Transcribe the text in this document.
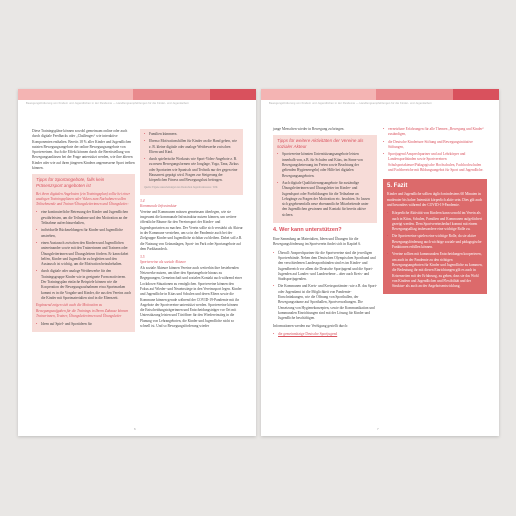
Bewegungsförderung von Kindern und Jugendlichen in der Pandemie — Handlungsempfehlungen für die Kinder- und Jugendarbeit

Diese Trainingspläne können sowohl gemeinsam online oder auch durch digitale Feedbacks oder „Challenges“ wie interaktive Komponenten enthalten. Bereits 18 % aller Kinder und Jugendlichen nutzten Bewegungsangebote der online Bewegungsangebote von Sportvereinen. Auch die Effekt können durch die Bereitstellung von Bewegungsanlässen bei der Frage unterstützt werden, wie ihre älteren Kinder oder wie auf ihren jüngeren Kindern angemessene Sport treiben können.

Tipps für Sportangebote, falls kein Präsenzsport angeboten ist

Bei ihren digitalen Angeboten (ein Trainingsplan) sollte bei einer analogen Trainingsplänen oder Videos zum Nachahmen sollen Teilnehmende und Trainer/Übungsleiterinnen und Übungsleiter:

• eine kontinuierliche Betreuung der Kinder und Jugendlichen gewährleisten, um die Teilnahme und den Motivation an der Teilnahme aufrechtzuerhalten,
• individuelle Rückmeldungen für Kinder und Jugendliche anstreben,
• einen Austausch zwischen den Kindern und Jugendlichen untereinander sowie mit den Trainerinnen und Trainern oder Übungsleiterinnen und Übungsleitern fördern. Er kann dabei helfen, Kinder und Jugendliche zu begleiten und den Austausch ist wichtig, um die Motivation beizubehalten.
• durch digitale oder analoge Wettbewerbe für den Trainingsgruppe Kinder wie in geeignete Form motivieren. Der Trainingsplan einfache Beispiele können wie die Kooperation der Bewegungsaufnahmen etwa Sportmarken kommt es in die Vorgabe und Kinder, die aus den Vereins auch die Kinder mit Sportmaterialien sind in die Elternzeit.

Ergänzend zeigen sich auch die Motivation zu Bewegungsaufgaben für die Trainings in Ihrem Zuhause können Trainerinnen, Trainer, Übungsleiterinnen und Übungsleiter

• Ideen auf Spiel- und Sportideen für
• Familien kümmern.
• Ebenso Motivationshilfen für Kinder an die Hand geben, wie z. B. kleine digitale oder analoge Wettbewerbe zwischen Eltern und Kind.
• durch spielerische Workouts wie Sport-Video-Angebote z. B. zu neuen Bewegungsformen wie Jonglage, Yoga, Tanz, Zirkus oder Sportarten wie Spanisch und Technik nur der gegen eine Hausarrest geprägt wird. Fragen zur Steigerung der körperlichen Fitness und Bewegungslust beitragen.

Quelle: Eigene Ausarbeitungen des Deutschen Jugendrotkreuzes / DJK

3.4
Kommunale Infrastruktur

Vereine und Kommunen müssen gemeinsam überlegen, wie sie insgesamt die kommunale Infrastruktur nutzen können, um weitere öffentliche Räume für den Vereinssport der Kinder- und Jugendsportarten zu machen. Der Verein sollte sich verstärkt als Akteur in der Kommune verstehen, um so in der Pandemie auch bei der Zielgruppe Kinder und Jugendliche sichtbar zu bleiben. Dabei soll z.B. die Nutzung von Grünanlagen, Sport- im Park oder Sportangebote auf dem Parkhausdeck.

3.5
Sportvereine als soziale Akteure

Als soziale Akteure können Vereine auch weiterhin ihre bestehenden Netzwerke nutzen, um über den Sportangebote hinaus zu Begegnungen, Gemeinschaft und sozialen Kontakt auch während einer Lockdown-Situationen zu ermöglichen. Sportvereine können den Fokus auf Wieder- und Neueinstiege in den Vereinssport legen. Kinder und Jugendliche in Kitas und Schulen und deren Eltern sowie die Kommune können gerade während der COVID-19-Pandemie mit ihr Angebote der Sportvereine unterstützt werden. Sportvereine können die Entscheidungsträgerinnen und Entscheidungsträger vor Ort mit Unterstützung leisten und Türöffner für den Wiedereinstieg in die Planung von Lehrangeboten, die Kinder und Jugendliche nicht so schnell ist. Und so Bewegungsförderung wieder

6
Bewegungsförderung von Kindern und Jugendlichen in der Pandemie — Handlungsempfehlungen für die Kinder- und Jugendarbeit

junge Menschen wieder in Bewegung zu bringen.

Tipps für weitere Aktivitäten der Vereine als sozialer Akteur
• Sportvereine könnten Unterstützungsangebote leisten innerhalb von, z.B. für Schulen und Kitas, im Sinne von Bewegungsbetreuung im Freien sowie Beachtung der geltenden Hygieneregeln) oder Hilfe bei digitalen Bewegungsangeboten.
• Auch digitale Qualifizierungsangebote für zuständige Übungsleiterinnen und Übungsleiter im Kinder- und Jugendsport oder Fortbildungen für die Teilnahme an Lehrgänge zu Fragen der Motivation etc. beachten. So lassen sich gegebenenfalls neue ehrenamtliche Mitarbeitende unter den Jugendlichen gewinnen und Kontakt für bereits aktive sichern.
4. Wer kann unterstützen?

Eine Sammlung an Materialien, Ideen und Übungen für die Bewegungsförderung im Sportverein findet sich in Kapitel 6.

• Überall: Ansprechpartner für die Sportvereine sind die jeweiligen Sportverbände. Neben dem Deutschen Olympischen Sportbund und den verschiedenen Landessportbünden sind es im Kinder- und Jugendbereich vor allem die Deutsche Sportjugend und die Sport-Jugenden auf Landes- und Landesebene – aber auch Kreis- und Stadtsportjugenden.
• Die Kommunen und Kreis- und Kreissportämter: wie z.B. das Sport- oder Jugendamt ist die Möglichkeit von Pandemie-Einschränkungen, wie die Öffnung von Sporthallen, der Bewegungsräume auf Sporthallen, Sportverwaltungen. Die Umsetzung von Hygienekonzepten, sowie die Kommunikation und kommunalen Einrichtungen sind mit der Lösung für Kinder und Jugendliche beschäftigen.

Informationen werden zur Verfügung gestellt durch:

• die gemeinnützige Deutsche Sportjugend
• vernetzbare Erfahrungen für alle Themen „Bewegung und Kinder“ zuständigen,
• die Deutsche Kinderturn-Stiftung und Bewegungsinitiative Stiftungen,
• Sportjugend Ansprechpartner und auf Lehrkörper und Landessportbünden sowie Sportvereinen Schulsportakteure/Pädagogische Hochschulen, Fachhochschulen und Fachbereiche mit Bildungsangebot für Sport und Jugendliche.
5. Fazit

Kinder und Jugendliche sollten täglich mindestens 60 Minuten in moderater bis hoher Intensität körperlich aktiv sein. Dies gilt auch und besonders während der COVID-19-Pandemie.

• Körperliche Aktivität von Kindern kann sowohl im Verein als auch in Kitas, Schulen, Familien und Kommunen aufgefächert gezeigt werden. Dem Sportvereinsbedarf kommt mit einem Bewegungsalltag insbesondere eine wichtige Rolle zu.
• Die Sportvereine spielen eine wichtige Rolle, da sie aktive Bewegungsförderung auch wichtige soziale und pädagogische Funktionen erfüllen können.
• Vereine sollten mit kommunalen Entscheidungen kooperieren, um auch in der Pandemie zu den richtigen Bewegungsangeboten für Kinder und Jugendliche zu kommen, die Bedeutung ihr mit diesen Einrichtungen gilt es auch in Krisenzeiten mit der Erfahrung, zu geben, dass sie das Wohl von Kindern und Jugendlichen und Flexibilität und der Struktur- als auch an der Angebotsentwicklung.
7
